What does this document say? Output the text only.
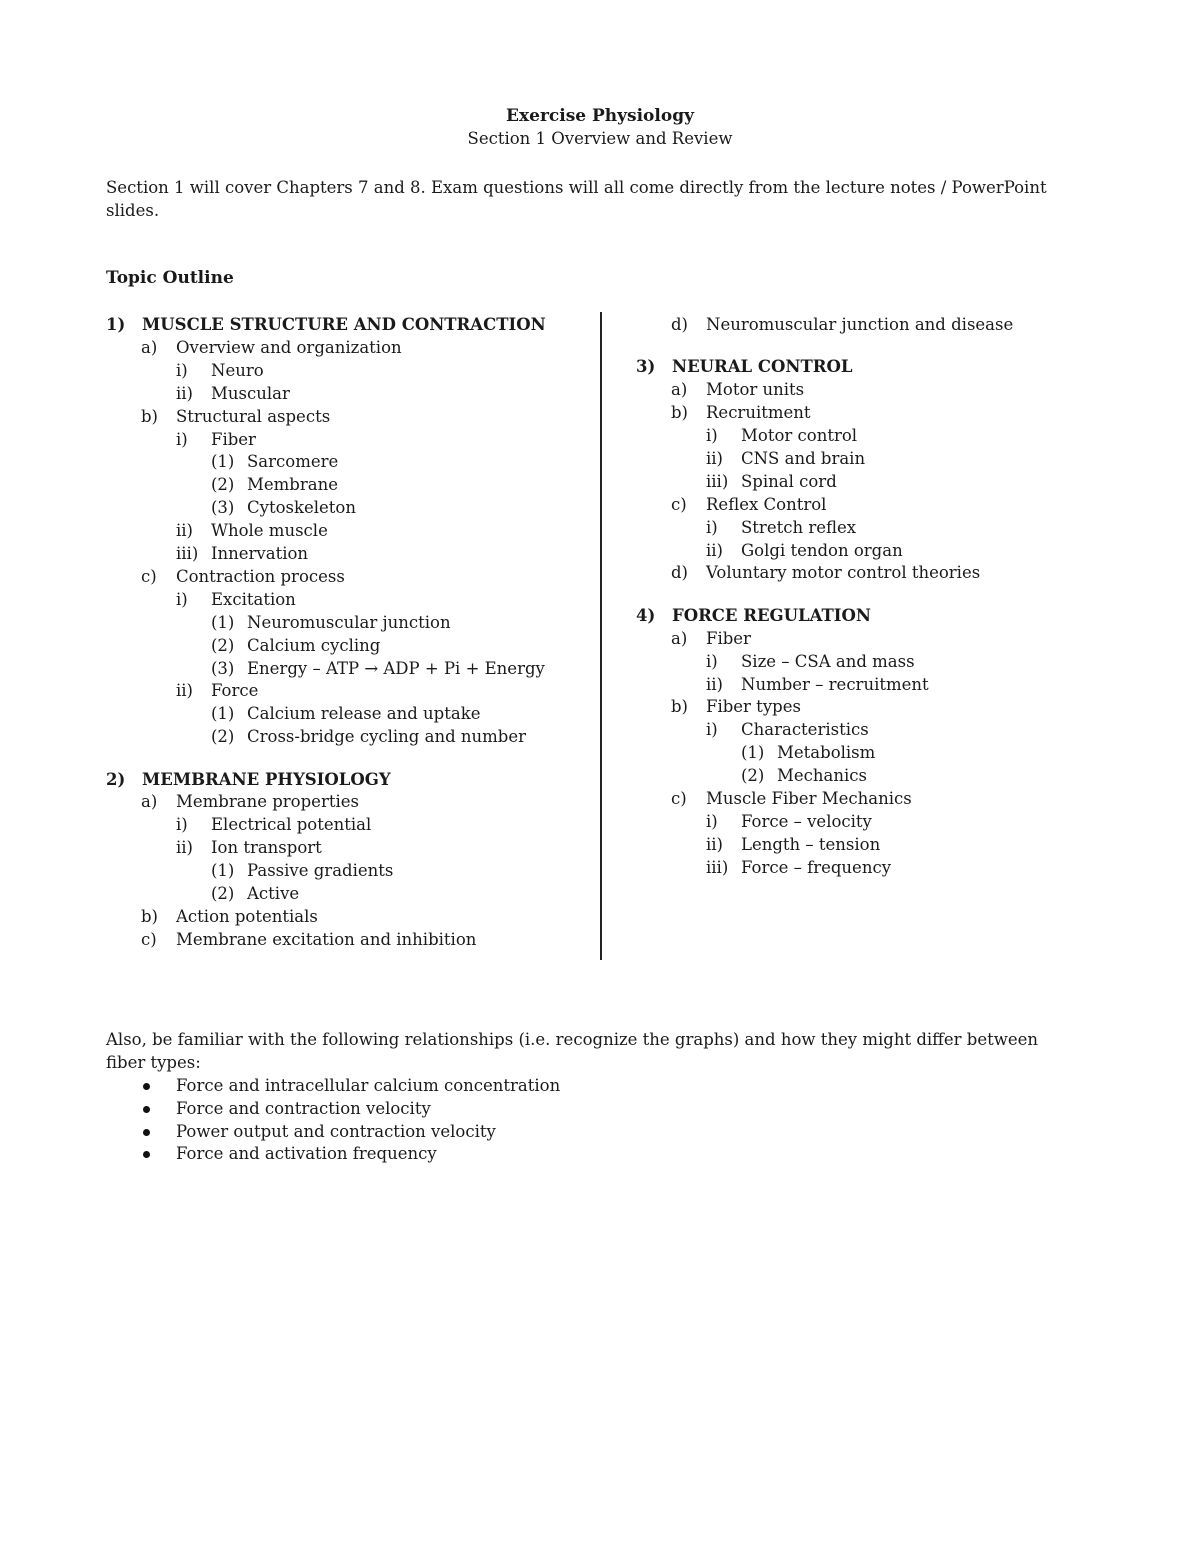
Exercise Physiology
Section 1 Overview and Review
Section 1 will cover Chapters 7 and 8. Exam questions will all come directly from the lecture notes / PowerPoint slides.
Topic Outline
1) MUSCLE STRUCTURE AND CONTRACTION
a) Overview and organization
i) Neuro
ii) Muscular
b) Structural aspects
i) Fiber
(1) Sarcomere
(2) Membrane
(3) Cytoskeleton
ii) Whole muscle
iii) Innervation
c) Contraction process
i) Excitation
(1) Neuromuscular junction
(2) Calcium cycling
(3) Energy – ATP → ADP + Pi + Energy
ii) Force
(1) Calcium release and uptake
(2) Cross-bridge cycling and number
2) MEMBRANE PHYSIOLOGY
a) Membrane properties
i) Electrical potential
ii) Ion transport
(1) Passive gradients
(2) Active
b) Action potentials
c) Membrane excitation and inhibition
d) Neuromuscular junction and disease
3) NEURAL CONTROL
a) Motor units
b) Recruitment
i) Motor control
ii) CNS and brain
iii) Spinal cord
c) Reflex Control
i) Stretch reflex
ii) Golgi tendon organ
d) Voluntary motor control theories
4) FORCE REGULATION
a) Fiber
i) Size – CSA and mass
ii) Number – recruitment
b) Fiber types
i) Characteristics
(1) Metabolism
(2) Mechanics
c) Muscle Fiber Mechanics
i) Force – velocity
ii) Length – tension
iii) Force – frequency
Also, be familiar with the following relationships (i.e. recognize the graphs) and how they might differ between fiber types:
Force and intracellular calcium concentration
Force and contraction velocity
Power output and contraction velocity
Force and activation frequency
